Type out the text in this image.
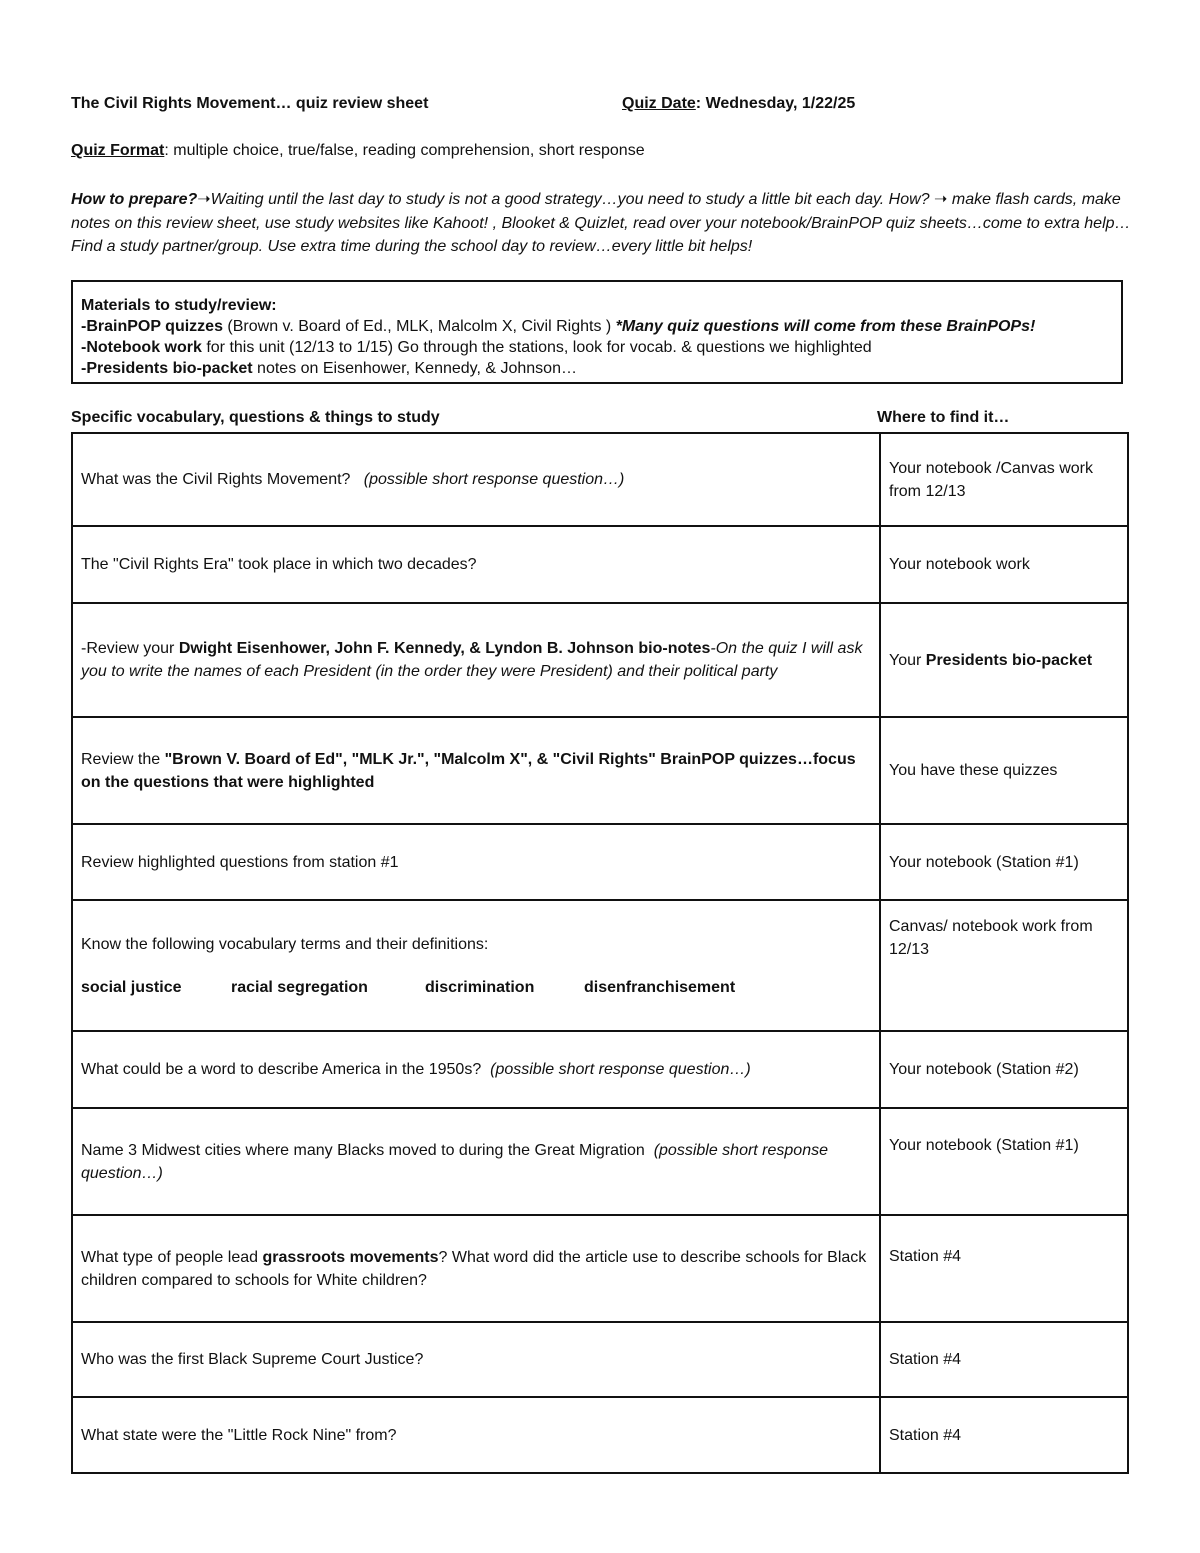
The Civil Rights Movement… quiz review sheet	Quiz Date: Wednesday, 1/22/25
Quiz Format: multiple choice, true/false, reading comprehension, short response
How to prepare?➝Waiting until the last day to study is not a good strategy…you need to study a little bit each day. How? ➝ make flash cards, make notes on this review sheet, use study websites like Kahoot! , Blooket & Quizlet, read over your notebook/BrainPOP quiz sheets…come to extra help…Find a study partner/group. Use extra time during the school day to review…every little bit helps!
Materials to study/review:
-BrainPOP quizzes (Brown v. Board of Ed., MLK, Malcolm X, Civil Rights ) *Many quiz questions will come from these BrainPOPs!
-Notebook work for this unit (12/13 to 1/15) Go through the stations, look for vocab. & questions we highlighted
-Presidents bio-packet notes on Eisenhower, Kennedy, & Johnson…
Specific vocabulary, questions & things to study	Where to find it…
What was the Civil Rights Movement? (possible short response question…)	Your notebook /Canvas work from 12/13
The "Civil Rights Era" took place in which two decades?	Your notebook work
-Review your Dwight Eisenhower, John F. Kennedy, & Lyndon B. Johnson bio-notes-On the quiz I will ask you to write the names of each President (in the order they were President) and their political party	Your Presidents bio-packet
Review the "Brown V. Board of Ed", "MLK Jr.", "Malcolm X", & "Civil Rights" BrainPOP quizzes…focus on the questions that were highlighted	You have these quizzes
Review highlighted questions from station #1	Your notebook (Station #1)

Know the following vocabulary terms and their definitions:
social justice racial segregation discrimination disenfranchisement	Canvas/ notebook work from 12/13
What could be a word to describe America in the 1950s? (possible short response question…)	Your notebook (Station #2)
Name 3 Midwest cities where many Blacks moved to during the Great Migration (possible short response question…)	Your notebook (Station #1)
What type of people lead grassroots movements? What word did the article use to describe schools for Black children compared to schools for White children?	Station #4
Who was the first Black Supreme Court Justice?	Station #4
What state were the "Little Rock Nine" from?	Station #4
